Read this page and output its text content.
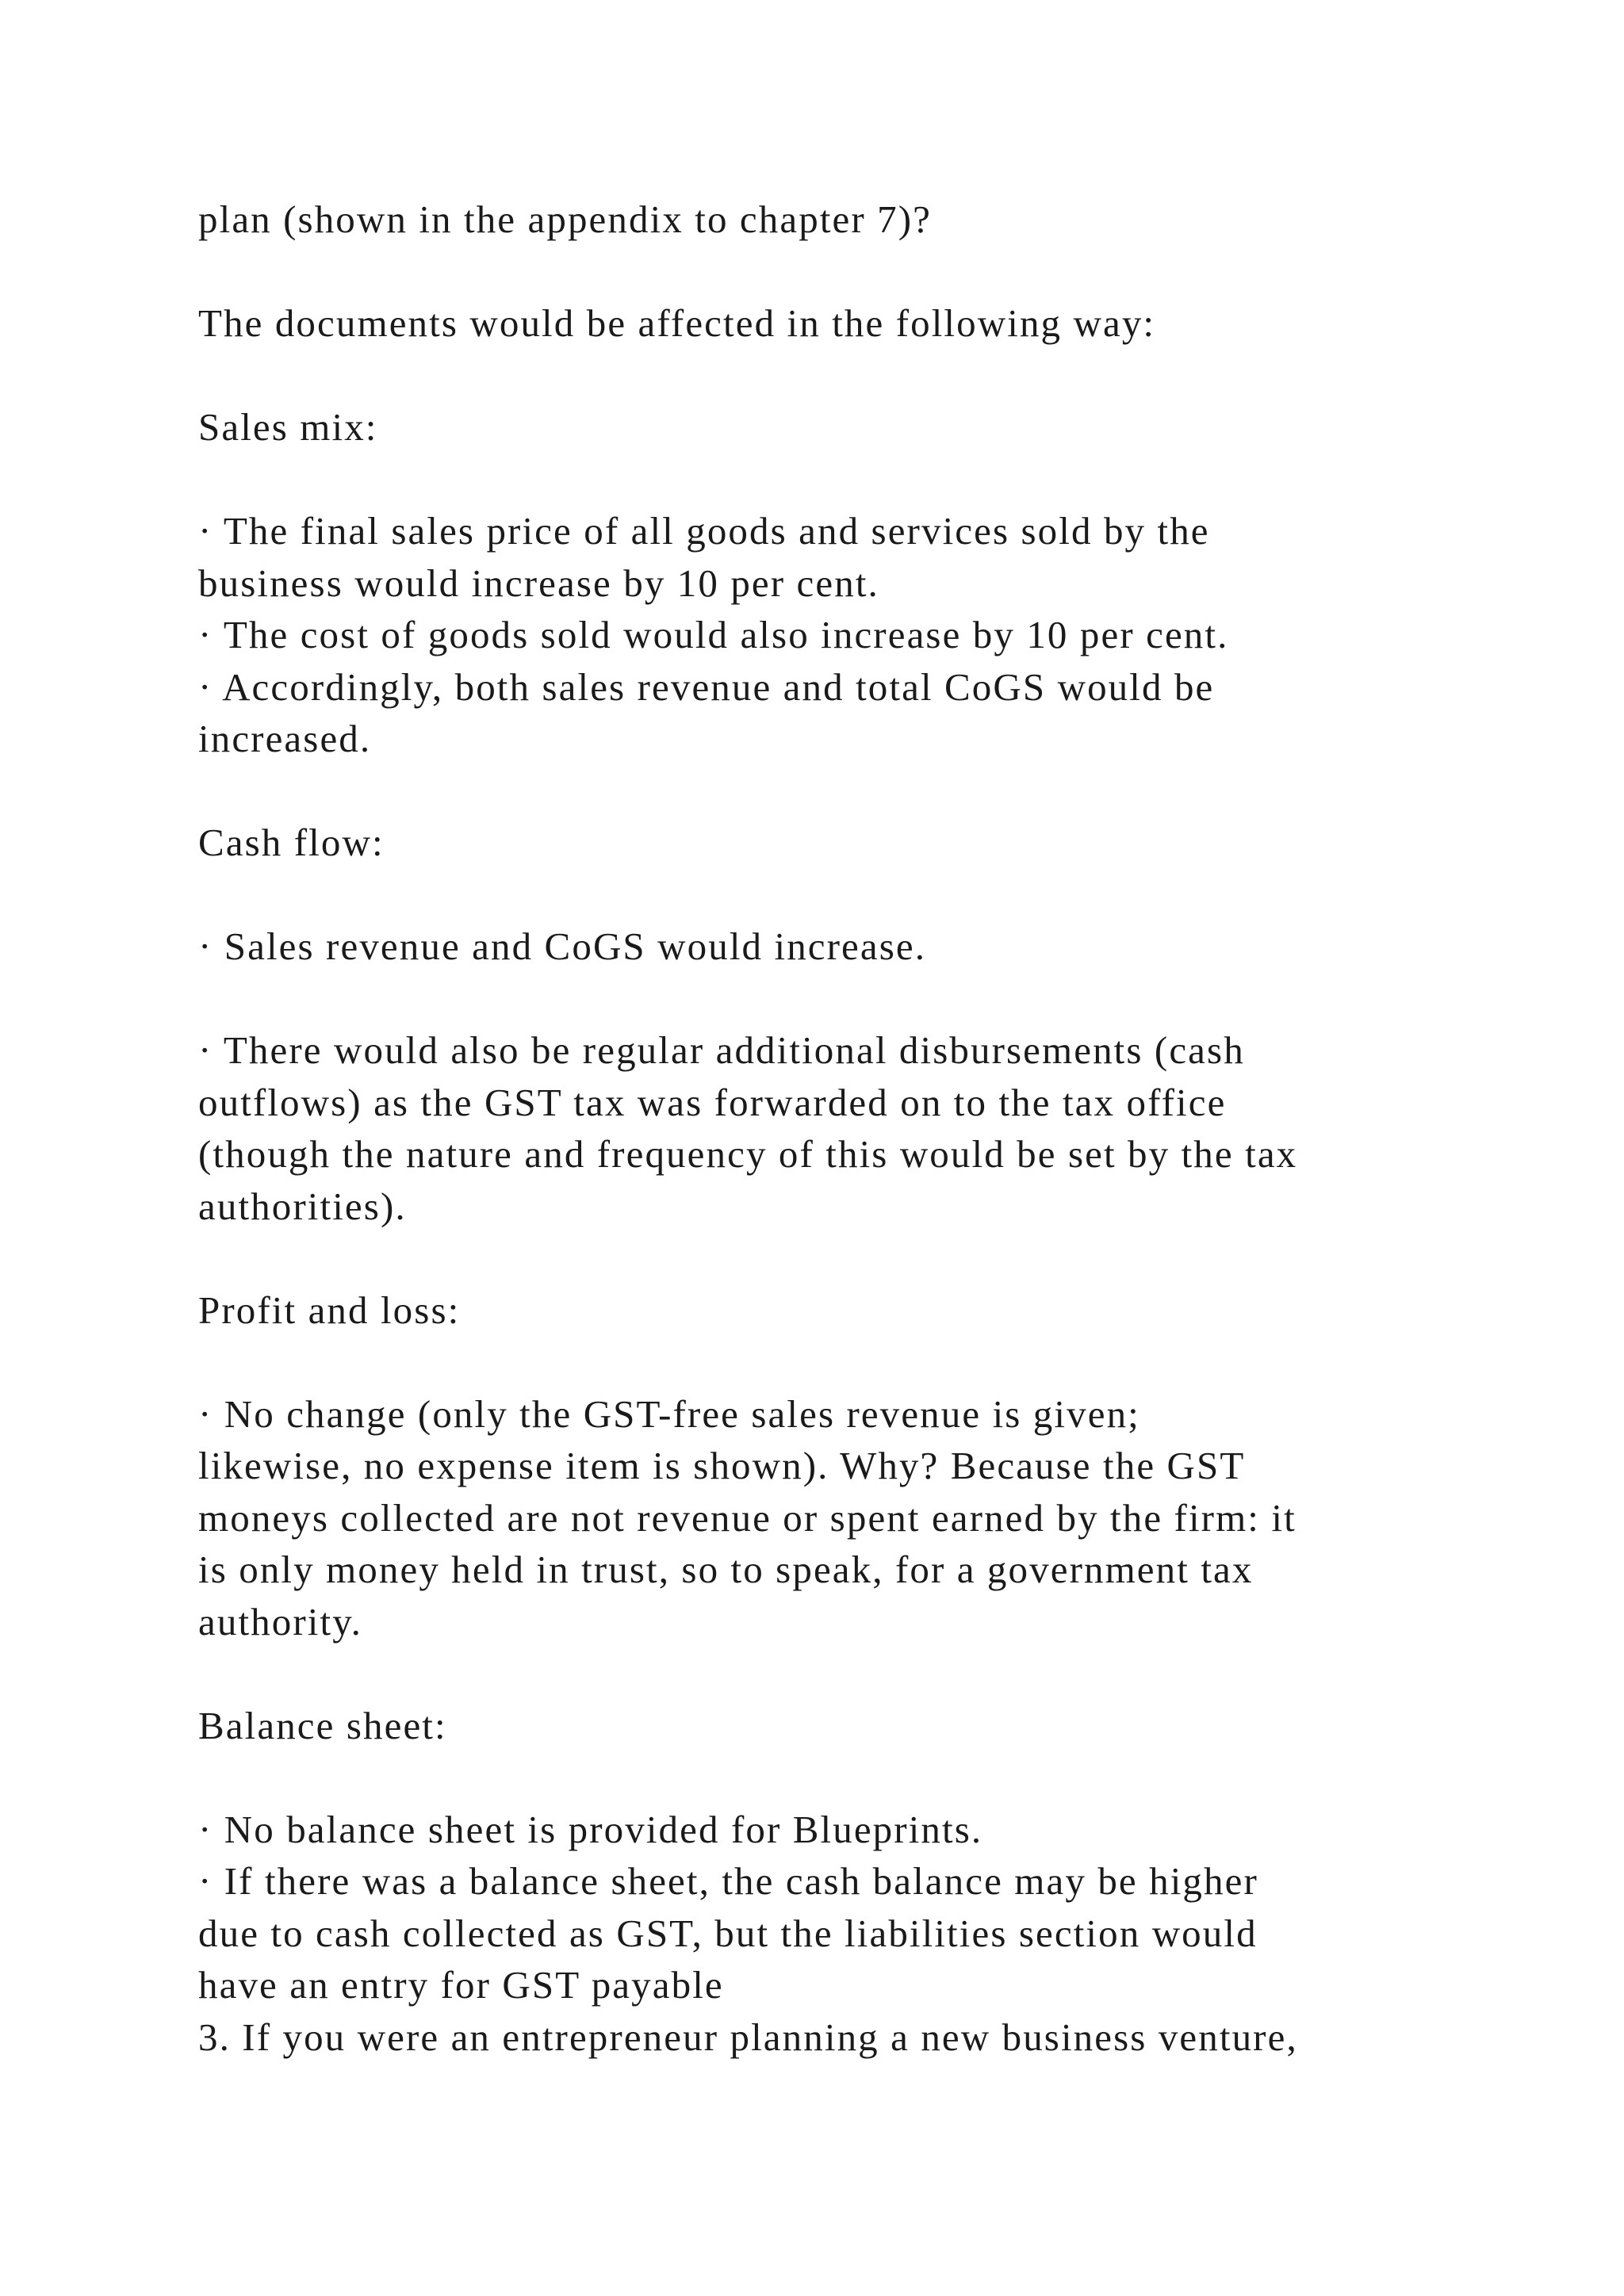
plan (shown in the appendix to chapter 7)?
The documents would be affected in the following way:
Sales mix:
· The final sales price of all goods and services sold by the
business would increase by 10 per cent.
· The cost of goods sold would also increase by 10 per cent.
· Accordingly, both sales revenue and total CoGS would be
increased.
Cash flow:
· Sales revenue and CoGS would increase.
· There would also be regular additional disbursements (cash
outflows) as the GST tax was forwarded on to the tax office
(though the nature and frequency of this would be set by the tax
authorities).
Profit and loss:
· No change (only the GST-free sales revenue is given;
likewise, no expense item is shown). Why? Because the GST
moneys collected are not revenue or spent earned by the firm: it
is only money held in trust, so to speak, for a government tax
authority.
Balance sheet:
· No balance sheet is provided for Blueprints.
· If there was a balance sheet, the cash balance may be higher
due to cash collected as GST, but the liabilities section would
have an entry for GST payable
3. If you were an entrepreneur planning a new business venture,
